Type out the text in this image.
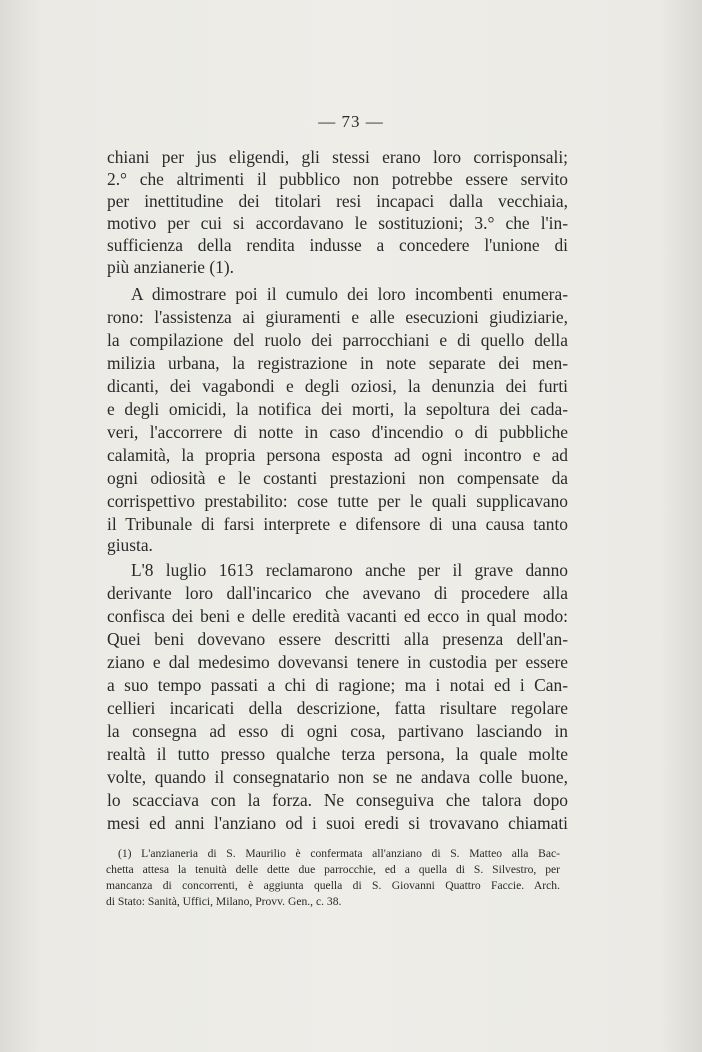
— 73 —
chiani per jus eligendi, gli stessi erano loro corrisponsali;
2.° che altrimenti il pubblico non potrebbe essere servito
per inettitudine dei titolari resi incapaci dalla vecchiaia,
motivo per cui si accordavano le sostituzioni; 3.° che l'in-
sufficienza della rendita indusse a concedere l'unione di
più anzianerie (1).
A dimostrare poi il cumulo dei loro incombenti enumera-
rono: l'assistenza ai giuramenti e alle esecuzioni giudiziarie,
la compilazione del ruolo dei parrocchiani e di quello della
milizia urbana, la registrazione in note separate dei men-
dicanti, dei vagabondi e degli oziosi, la denunzia dei furti
e degli omicidi, la notifica dei morti, la sepoltura dei cada-
veri, l'accorrere di notte in caso d'incendio o di pubbliche
calamità, la propria persona esposta ad ogni incontro e ad
ogni odiosità e le costanti prestazioni non compensate da
corrispettivo prestabilito: cose tutte per le quali supplicavano
il Tribunale di farsi interprete e difensore di una causa tanto
giusta.
L'8 luglio 1613 reclamarono anche per il grave danno
derivante loro dall'incarico che avevano di procedere alla
confisca dei beni e delle eredità vacanti ed ecco in qual modo:
Quei beni dovevano essere descritti alla presenza dell'an-
ziano e dal medesimo dovevansi tenere in custodia per essere
a suo tempo passati a chi di ragione; ma i notai ed i Can-
cellieri incaricati della descrizione, fatta risultare regolare
la consegna ad esso di ogni cosa, partivano lasciando in
realtà il tutto presso qualche terza persona, la quale molte
volte, quando il consegnatario non se ne andava colle buone,
lo scacciava con la forza. Ne conseguiva che talora dopo
mesi ed anni l'anziano od i suoi eredi si trovavano chiamati
(1) L'anzianeria di S. Maurilio è confermata all'anziano di S. Matteo alla Bac-
chetta attesa la tenuità delle dette due parrocchie, ed a quella di S. Silvestro, per
mancanza di concorrenti, è aggiunta quella di S. Giovanni Quattro Faccie. Arch.
di Stato: Sanità, Uffici, Milano, Provv. Gen., c. 38.
